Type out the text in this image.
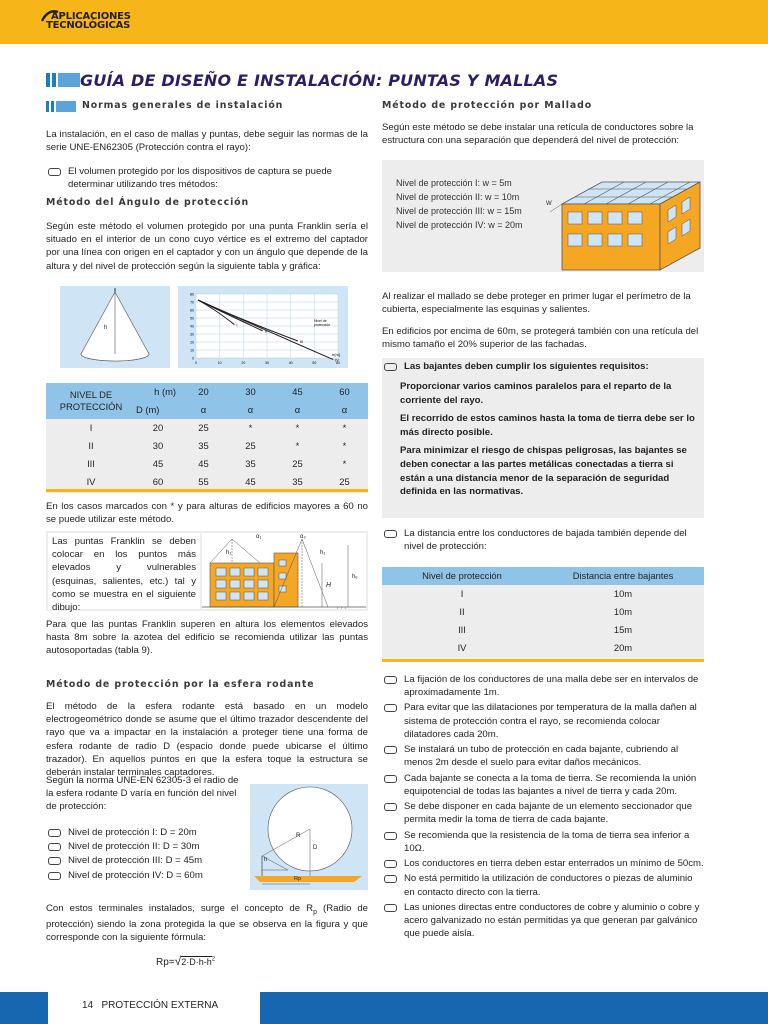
APLICACIONES
TECNOLÓGICAS
GUÍA DE DISEÑO E INSTALACIÓN: PUNTAS Y MALLAS
Normas generales de instalación
La instalación, en el caso de mallas y puntas, debe seguir las normas de la serie UNE-EN62305 (Protección contra el rayo):
El volumen protegido por los dispositivos de captura se puede determinar utilizando tres métodos:
Método del Ángulo de protección
Según este método el volumen protegido por una punta Franklin sería el situado en el interior de un cono cuyo vértice es el extremo del captador por una línea con origen en el captador y con un ángulo que depende de la altura y del nivel de protección según la siguiente tabla y gráfica:
h
80
70
60
50
40
30
20
10
0
0	10	20	30	40	50	60
h(m)
Nivel de
protección
I
II
III
IV
NIVEL DE
PROTECCIÓN	h (m)	20	30	45	60
	D (m)	α	α	α	α
I	20	25	*	*	*
II	30	35	25	*	*
III	45	45	35	25	*
IV	60	55	45	35	25
En los casos marcados con * y para alturas de edificios mayores a 60 no se puede utilizar este método.
Las puntas Franklin se deben colocar en los puntos más elevados y vulnerables (esquinas, salientes, etc.) tal y como se muestra en el siguiente dibujo:
α₁	α₂
h₁	h₁
H
hₑ
Para que las puntas Franklin superen en altura los elementos elevados hasta 8m sobre la azotea del edificio se recomienda utilizar las puntas autosoportadas (tabla 9).
Método de protección por la esfera rodante
El método de la esfera rodante está basado en un modelo electrogeométrico donde se asume que el último trazador descendente del rayo que va a impactar en la instalación a proteger tiene una forma de esfera rodante de radio D (espacio donde puede ubicarse el último trazador). En aquellos puntos en que la esfera toque la estructura se deberán instalar terminales captadores.
Según la norma UNE-EN 62305-3 el radio de la esfera rodante D varía en función del nivel de protección:
Nivel de protección I: D = 20m
Nivel de protección II: D = 30m
Nivel de protección III: D = 45m
Nivel de protección IV: D = 60m
R
D
h
Rp
Con estos terminales instalados, surge el concepto de $R_p$ (Radio de protección) siendo la zona protegida la que se observa en la figura y que corresponde con la siguiente fórmula:
$Rp=√2\cdot D\cdot h-h^2$
Método de protección por Mallado
Según este método se debe instalar una retícula de conductores sobre la estructura con una separación que dependerá del nivel de protección:
Nivel de protección I: w = 5m
Nivel de protección II: w = 10m
Nivel de protección III: w = 15m
Nivel de protección IV: w = 20m
W
Al realizar el mallado se debe proteger en primer lugar el perímetro de la cubierta, especialmente las esquinas y salientes.
En edificios por encima de 60m, se protegerá también con una retícula del mismo tamaño el 20% superior de las fachadas.
Las bajantes deben cumplir los siguientes requisitos:
Proporcionar varios caminos paralelos para el reparto de la corriente del rayo.
El recorrido de estos caminos hasta la toma de tierra debe ser lo más directo posible.
Para minimizar el riesgo de chispas peligrosas, las bajantes se deben conectar a las partes metálicas conectadas a tierra si están a una distancia menor de la separación de seguridad definida en las normativas.
La distancia entre los conductores de bajada también depende del nivel de protección:
Nivel de protección	Distancia entre bajantes
I	10m
II	10m
III	15m
IV	20m
La fijación de los conductores de una malla debe ser en intervalos de aproximadamente 1m.
Para evitar que las dilataciones por temperatura de la malla dañen al sistema de protección contra el rayo, se recomienda colocar dilatadores cada 20m.
Se instalará un tubo de protección en cada bajante, cubriendo al menos 2m desde el suelo para evitar daños mecánicos.
Cada bajante se conecta a la toma de tierra. Se recomienda la unión equipotencial de todas las bajantes a nivel de tierra y cada 20m.
Se debe disponer en cada bajante de un elemento seccionador que permita medir la toma de tierra de cada bajante.
Se recomienda que la resistencia de la toma de tierra sea inferior a 10Ω.
Los conductores en tierra deben estar enterrados un mínimo de 50cm.
No está permitido la utilización de conductores o piezas de aluminio en contacto directo con la tierra.
Las uniones directas entre conductores de cobre y aluminio o cobre y acero galvanizado no están permitidas ya que generan par galvánico que puede aisla.
14 PROTECCIÓN EXTERNA
